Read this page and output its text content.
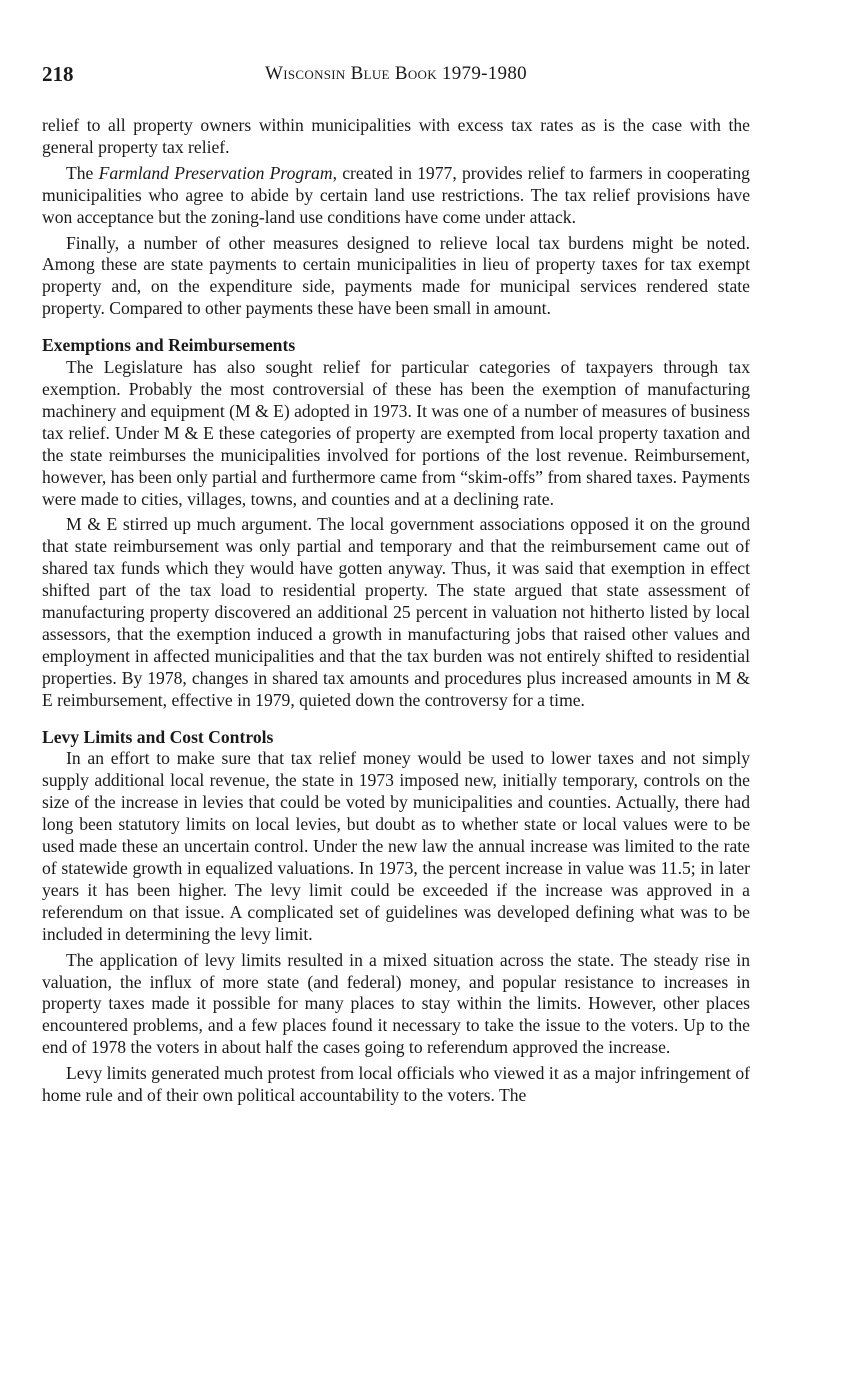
218	Wisconsin Blue Book 1979-1980

relief to all property owners within municipalities with excess tax rates as is the case with the general property tax relief.

The Farmland Preservation Program, created in 1977, provides relief to farmers in cooperating municipalities who agree to abide by certain land use restrictions. The tax relief provisions have won acceptance but the zoning-land use conditions have come under attack.

Finally, a number of other measures designed to relieve local tax burdens might be noted. Among these are state payments to certain municipalities in lieu of property taxes for tax exempt property and, on the expenditure side, payments made for municipal services rendered state property. Compared to other payments these have been small in amount.

Exemptions and Reimbursements

The Legislature has also sought relief for particular categories of taxpayers through tax exemption. Probably the most controversial of these has been the exemption of manufacturing machinery and equipment (M & E) adopted in 1973. It was one of a number of measures of business tax relief. Under M & E these categories of property are exempted from local property taxation and the state reimburses the municipalities involved for portions of the lost revenue. Reimbursement, however, has been only partial and furthermore came from “skim-offs” from shared taxes. Payments were made to cities, villages, towns, and counties and at a declining rate.

M & E stirred up much argument. The local government associations opposed it on the ground that state reimbursement was only partial and temporary and that the reimbursement came out of shared tax funds which they would have gotten anyway. Thus, it was said that exemption in effect shifted part of the tax load to residential property. The state argued that state assessment of manufacturing property discovered an additional 25 percent in valuation not hitherto listed by local assessors, that the exemption induced a growth in manufacturing jobs that raised other values and employment in affected municipalities and that the tax burden was not entirely shifted to residential properties. By 1978, changes in shared tax amounts and procedures plus increased amounts in M & E reimbursement, effective in 1979, quieted down the controversy for a time.

Levy Limits and Cost Controls

In an effort to make sure that tax relief money would be used to lower taxes and not simply supply additional local revenue, the state in 1973 imposed new, initially temporary, controls on the size of the increase in levies that could be voted by municipalities and counties. Actually, there had long been statutory limits on local levies, but doubt as to whether state or local values were to be used made these an uncertain control. Under the new law the annual increase was limited to the rate of statewide growth in equalized valuations. In 1973, the percent increase in value was 11.5; in later years it has been higher. The levy limit could be exceeded if the increase was approved in a referendum on that issue. A complicated set of guidelines was developed defining what was to be included in determining the levy limit.

The application of levy limits resulted in a mixed situation across the state. The steady rise in valuation, the influx of more state (and federal) money, and popular resistance to increases in property taxes made it possible for many places to stay within the limits. However, other places encountered problems, and a few places found it necessary to take the issue to the voters. Up to the end of 1978 the voters in about half the cases going to referendum approved the increase.

Levy limits generated much protest from local officials who viewed it as a major infringement of home rule and of their own political accountability to the voters. The
